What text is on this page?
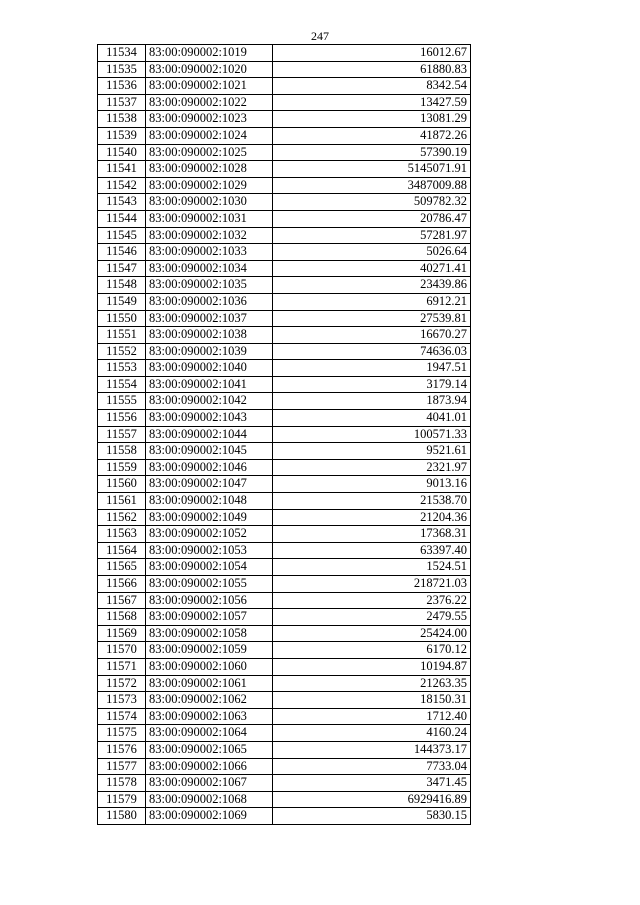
247
11534	83:00:090002:1019	16012.67
11535	83:00:090002:1020	61880.83
11536	83:00:090002:1021	8342.54
11537	83:00:090002:1022	13427.59
11538	83:00:090002:1023	13081.29
11539	83:00:090002:1024	41872.26
11540	83:00:090002:1025	57390.19
11541	83:00:090002:1028	5145071.91
11542	83:00:090002:1029	3487009.88
11543	83:00:090002:1030	509782.32
11544	83:00:090002:1031	20786.47
11545	83:00:090002:1032	57281.97
11546	83:00:090002:1033	5026.64
11547	83:00:090002:1034	40271.41
11548	83:00:090002:1035	23439.86
11549	83:00:090002:1036	6912.21
11550	83:00:090002:1037	27539.81
11551	83:00:090002:1038	16670.27
11552	83:00:090002:1039	74636.03
11553	83:00:090002:1040	1947.51
11554	83:00:090002:1041	3179.14
11555	83:00:090002:1042	1873.94
11556	83:00:090002:1043	4041.01
11557	83:00:090002:1044	100571.33
11558	83:00:090002:1045	9521.61
11559	83:00:090002:1046	2321.97
11560	83:00:090002:1047	9013.16
11561	83:00:090002:1048	21538.70
11562	83:00:090002:1049	21204.36
11563	83:00:090002:1052	17368.31
11564	83:00:090002:1053	63397.40
11565	83:00:090002:1054	1524.51
11566	83:00:090002:1055	218721.03
11567	83:00:090002:1056	2376.22
11568	83:00:090002:1057	2479.55
11569	83:00:090002:1058	25424.00
11570	83:00:090002:1059	6170.12
11571	83:00:090002:1060	10194.87
11572	83:00:090002:1061	21263.35
11573	83:00:090002:1062	18150.31
11574	83:00:090002:1063	1712.40
11575	83:00:090002:1064	4160.24
11576	83:00:090002:1065	144373.17
11577	83:00:090002:1066	7733.04
11578	83:00:090002:1067	3471.45
11579	83:00:090002:1068	6929416.89
11580	83:00:090002:1069	5830.15
